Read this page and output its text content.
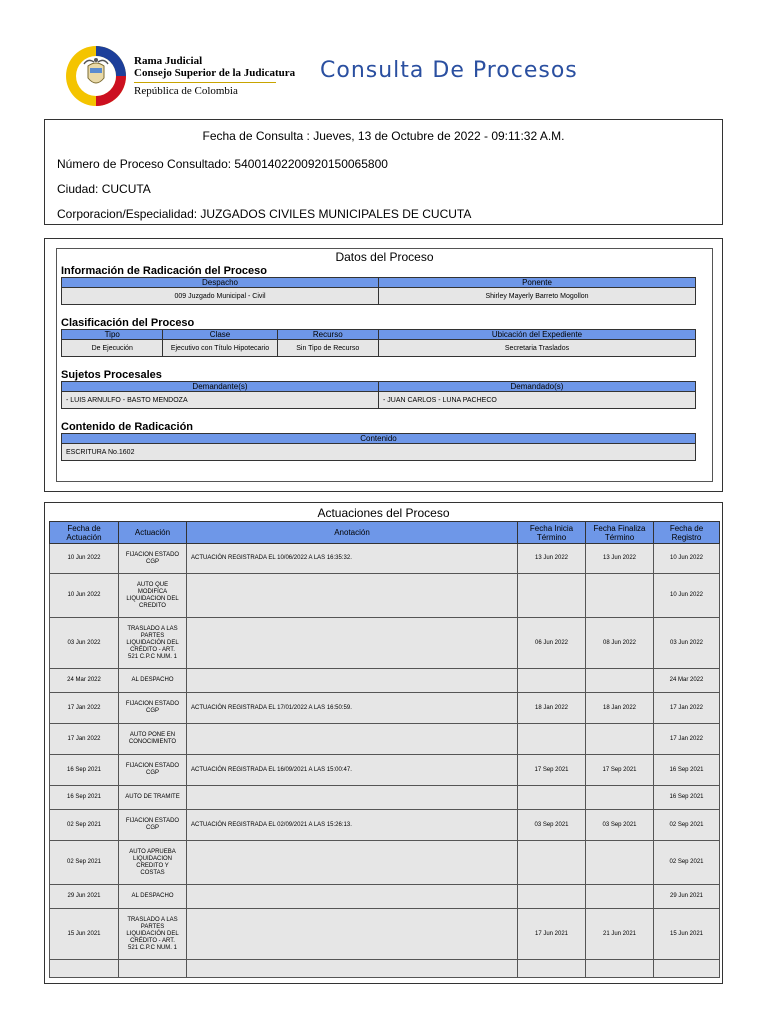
Rama Judicial
Consejo Superior de la Judicatura
República de Colombia
Consulta De Procesos
Fecha de Consulta : Jueves, 13 de Octubre de 2022 - 09:11:32 A.M.
Número de Proceso Consultado: 54001402200920150065800
Ciudad: CUCUTA
Corporacion/Especialidad: JUZGADOS CIVILES MUNICIPALES DE CUCUTA
Datos del Proceso
Información de Radicación del Proceso
Despacho	Ponente
009 Juzgado Municipal - Civil	Shirley Mayerly Barreto Mogollon
Clasificación del Proceso
Tipo	Clase	Recurso	Ubicación del Expediente
De Ejecución	Ejecutivo con Título Hipotecario	Sin Tipo de Recurso	Secretaria Traslados
Sujetos Procesales
Demandante(s)	Demandado(s)
- LUIS ARNULFO - BASTO MENDOZA	- JUAN CARLOS - LUNA PACHECO
Contenido de Radicación
Contenido
ESCRITURA No.1602
Actuaciones del Proceso
Fecha de Actuación	Actuación	Anotación	Fecha Inicia Término	Fecha Finaliza Término	Fecha de Registro
10 Jun 2022	FIJACION ESTADO CGP	ACTUACIÓN REGISTRADA EL 10/06/2022 A LAS 16:35:32.	13 Jun 2022	13 Jun 2022	10 Jun 2022
10 Jun 2022	AUTO QUE MODIFICA LIQUIDACION DEL CREDITO				10 Jun 2022
03 Jun 2022	TRASLADO A LAS PARTES LIQUIDACIÓN DEL CRÉDITO - ART. 521 C.P.C NUM. 1		06 Jun 2022	08 Jun 2022	03 Jun 2022
24 Mar 2022	AL DESPACHO				24 Mar 2022
17 Jan 2022	FIJACION ESTADO CGP	ACTUACIÓN REGISTRADA EL 17/01/2022 A LAS 16:50:59.	18 Jan 2022	18 Jan 2022	17 Jan 2022
17 Jan 2022	AUTO PONE EN CONOCIMIENTO				17 Jan 2022
16 Sep 2021	FIJACION ESTADO CGP	ACTUACIÓN REGISTRADA EL 16/09/2021 A LAS 15:00:47.	17 Sep 2021	17 Sep 2021	16 Sep 2021
16 Sep 2021	AUTO DE TRAMITE				16 Sep 2021
02 Sep 2021	FIJACION ESTADO CGP	ACTUACIÓN REGISTRADA EL 02/09/2021 A LAS 15:26:13.	03 Sep 2021	03 Sep 2021	02 Sep 2021
02 Sep 2021	AUTO APRUEBA LIQUIDACION CREDITO Y COSTAS				02 Sep 2021
29 Jun 2021	AL DESPACHO				29 Jun 2021
15 Jun 2021	TRASLADO A LAS PARTES LIQUIDACIÓN DEL CRÉDITO - ART. 521 C.P.C NUM. 1		17 Jun 2021	21 Jun 2021	15 Jun 2021
